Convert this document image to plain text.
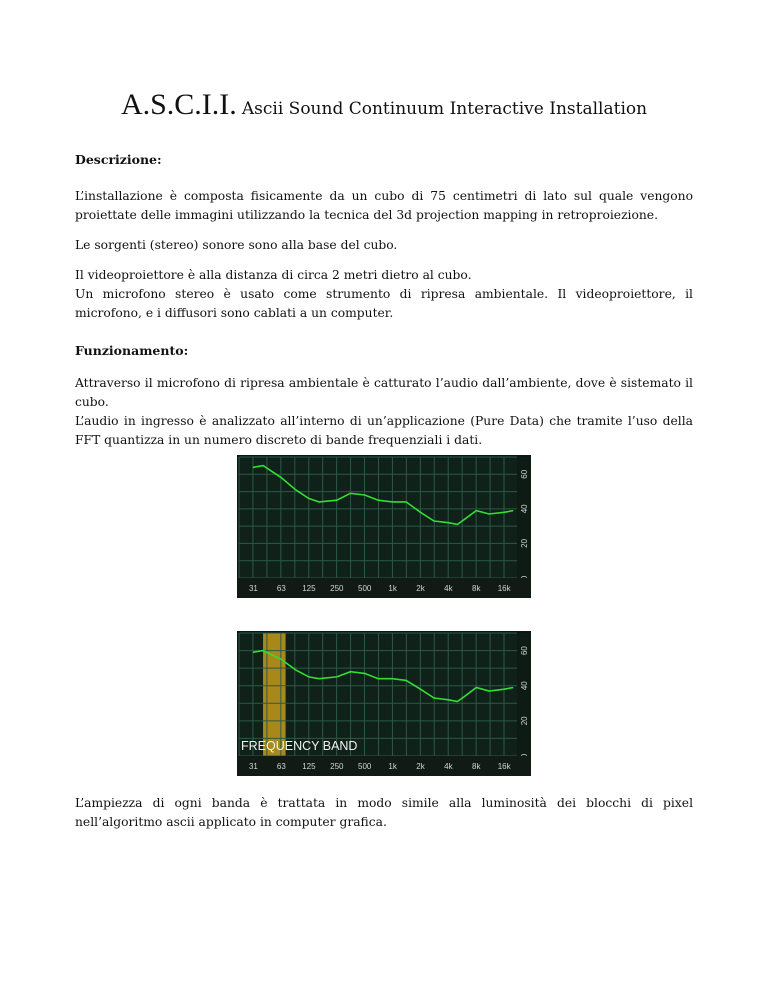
A.S.C.I.I. Ascii Sound Continuum Interactive Installation
Descrizione:
L’installazione è composta fisicamente da un cubo di 75 centimetri di lato sul quale vengono proiettate delle immagini utilizzando la tecnica del 3d projection mapping in retroproiezione.
Le sorgenti (stereo) sonore sono alla base del cubo.
Il videoproiettore è alla distanza di circa 2 metri dietro al cubo.
Un microfono stereo è usato come strumento di ripresa ambientale. Il videoproiettore, il microfono, e i diffusori sono cablati a un computer.
Funzionamento:
Attraverso il microfono di ripresa ambientale è catturato l’audio dall’ambiente, dove è sistemato il cubo.
L’audio in ingresso è analizzato all’interno di un’applicazione (Pure Data) che tramite l’uso della FFT quantizza in un numero discreto di bande frequenziali i dati.
20
40
60
31 63 125 250 500 1k 2k 4k 8k 16k
20
40
60
31 63 125 250 500 1k 2k 4k 8k 16k
FREQUENCY BAND
L’ampiezza di ogni banda è trattata in modo simile alla luminosità dei blocchi di pixel nell’algoritmo ascii applicato in computer grafica.
